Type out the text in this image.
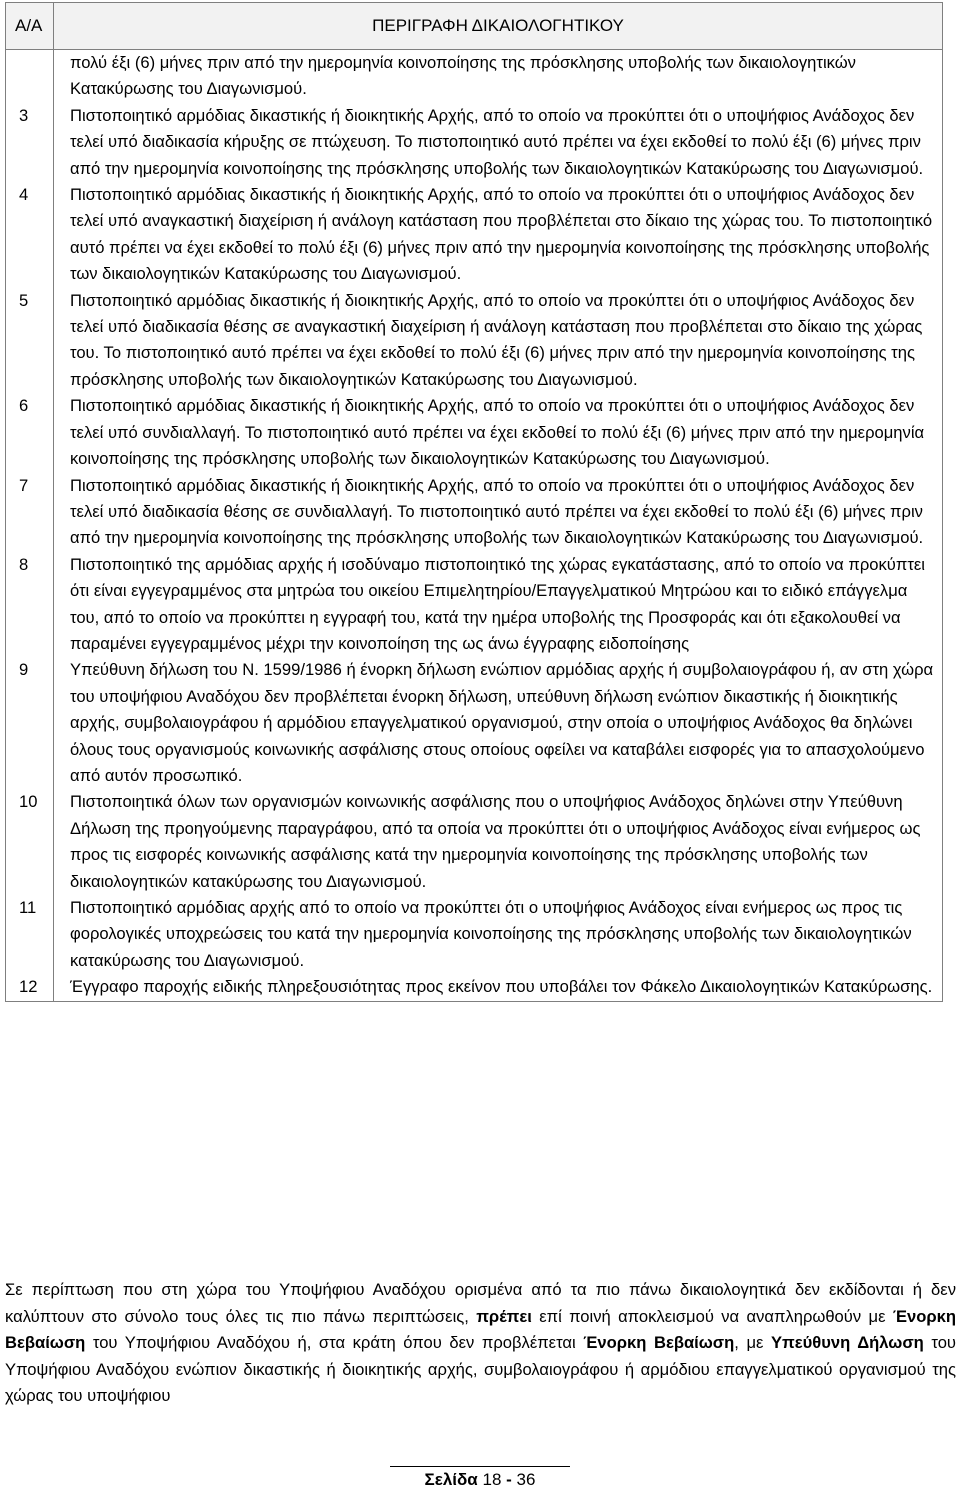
Α/Α	ΠΕΡΙΓΡΑΦΗ ΔΙΚΑΙΟΛΟΓΗΤΙΚΟΥ
	πολύ έξι (6) μήνες πριν από την ημερομηνία κοινοποίησης της πρόσκλησης υποβολής των δικαιολογητικών Κατακύρωσης του Διαγωνισμού.
3	Πιστοποιητικό αρμόδιας δικαστικής ή διοικητικής Αρχής, από το οποίο να προκύπτει ότι ο υποψήφιος Ανάδοχος δεν τελεί υπό διαδικασία κήρυξης σε πτώχευση. Το πιστοποιητικό αυτό πρέπει να έχει εκδοθεί το πολύ έξι (6) μήνες πριν από την ημερομηνία κοινοποίησης της πρόσκλησης υποβολής των δικαιολογητικών Κατακύρωσης του Διαγωνισμού.
4	Πιστοποιητικό αρμόδιας δικαστικής ή διοικητικής Αρχής, από το οποίο να προκύπτει ότι ο υποψήφιος Ανάδοχος δεν τελεί υπό αναγκαστική διαχείριση ή ανάλογη κατάσταση που προβλέπεται στο δίκαιο της χώρας του. Το πιστοποιητικό αυτό πρέπει να έχει εκδοθεί το πολύ έξι (6) μήνες πριν από την ημερομηνία κοινοποίησης της πρόσκλησης υποβολής των δικαιολογητικών Κατακύρωσης του Διαγωνισμού.
5	Πιστοποιητικό αρμόδιας δικαστικής ή διοικητικής Αρχής, από το οποίο να προκύπτει ότι ο υποψήφιος Ανάδοχος δεν τελεί υπό διαδικασία θέσης σε αναγκαστική διαχείριση ή ανάλογη κατάσταση που προβλέπεται στο δίκαιο της χώρας του. Το πιστοποιητικό αυτό πρέπει να έχει εκδοθεί το πολύ έξι (6) μήνες πριν από την ημερομηνία κοινοποίησης της πρόσκλησης υποβολής των δικαιολογητικών Κατακύρωσης του Διαγωνισμού.
6	Πιστοποιητικό αρμόδιας δικαστικής ή διοικητικής Αρχής, από το οποίο να προκύπτει ότι ο υποψήφιος Ανάδοχος δεν τελεί υπό συνδιαλλαγή. Το πιστοποιητικό αυτό πρέπει να έχει εκδοθεί το πολύ έξι (6) μήνες πριν από την ημερομηνία κοινοποίησης της πρόσκλησης υποβολής των δικαιολογητικών Κατακύρωσης του Διαγωνισμού.
7	Πιστοποιητικό αρμόδιας δικαστικής ή διοικητικής Αρχής, από το οποίο να προκύπτει ότι ο υποψήφιος Ανάδοχος δεν τελεί υπό διαδικασία θέσης σε συνδιαλλαγή. Το πιστοποιητικό αυτό πρέπει να έχει εκδοθεί το πολύ έξι (6) μήνες πριν από την ημερομηνία κοινοποίησης της πρόσκλησης υποβολής των δικαιολογητικών Κατακύρωσης του Διαγωνισμού.
8	Πιστοποιητικό της αρμόδιας αρχής ή ισοδύναμο πιστοποιητικό της χώρας εγκατάστασης, από το οποίο να προκύπτει ότι είναι εγγεγραμμένος στα μητρώα του οικείου Επιμελητηρίου/Επαγγελματικού Μητρώου και το ειδικό επάγγελμα του, από το οποίο να προκύπτει η εγγραφή του, κατά την ημέρα υποβολής της Προσφοράς και ότι εξακολουθεί να παραμένει εγγεγραμμένος μέχρι την κοινοποίηση της ως άνω έγγραφης ειδοποίησης
9	Υπεύθυνη δήλωση του Ν. 1599/1986 ή ένορκη δήλωση ενώπιον αρμόδιας αρχής ή συμβολαιογράφου ή, αν στη χώρα του υποψήφιου Αναδόχου δεν προβλέπεται ένορκη δήλωση, υπεύθυνη δήλωση ενώπιον δικαστικής ή διοικητικής αρχής, συμβολαιογράφου ή αρμόδιου επαγγελματικού οργανισμού, στην οποία ο υποψήφιος Ανάδοχος θα δηλώνει όλους τους οργανισμούς κοινωνικής ασφάλισης στους οποίους οφείλει να καταβάλει εισφορές για το απασχολούμενο από αυτόν προσωπικό.
10	Πιστοποιητικά όλων των οργανισμών κοινωνικής ασφάλισης που ο υποψήφιος Ανάδοχος δηλώνει στην Υπεύθυνη Δήλωση της προηγούμενης παραγράφου, από τα οποία να προκύπτει ότι ο υποψήφιος Ανάδοχος είναι ενήμερος ως προς τις εισφορές κοινωνικής ασφάλισης κατά την ημερομηνία κοινοποίησης της πρόσκλησης υποβολής των δικαιολογητικών κατακύρωσης του Διαγωνισμού.
11	Πιστοποιητικό αρμόδιας αρχής από το οποίο να προκύπτει ότι ο υποψήφιος Ανάδοχος είναι ενήμερος ως προς τις φορολογικές υποχρεώσεις του κατά την ημερομηνία κοινοποίησης της πρόσκλησης υποβολής των δικαιολογητικών κατακύρωσης του Διαγωνισμού.
12	Έγγραφο παροχής ειδικής πληρεξουσιότητας προς εκείνον που υποβάλει τον Φάκελο Δικαιολογητικών Κατακύρωσης.

Σε περίπτωση που στη χώρα του Υποψήφιου Αναδόχου ορισμένα από τα πιο πάνω δικαιολογητικά δεν εκδίδονται ή δεν καλύπτουν στο σύνολο τους όλες τις πιο πάνω περιπτώσεις, πρέπει επί ποινή αποκλεισμού να αναπληρωθούν με Ένορκη Βεβαίωση του Υποψήφιου Αναδόχου ή, στα κράτη όπου δεν προβλέπεται Ένορκη Βεβαίωση, με Υπεύθυνη Δήλωση του Υποψήφιου Αναδόχου ενώπιον δικαστικής ή διοικητικής αρχής, συμβολαιογράφου ή αρμόδιου επαγγελματικού οργανισμού της χώρας του υποψήφιου

Σελίδα 18 - 36
